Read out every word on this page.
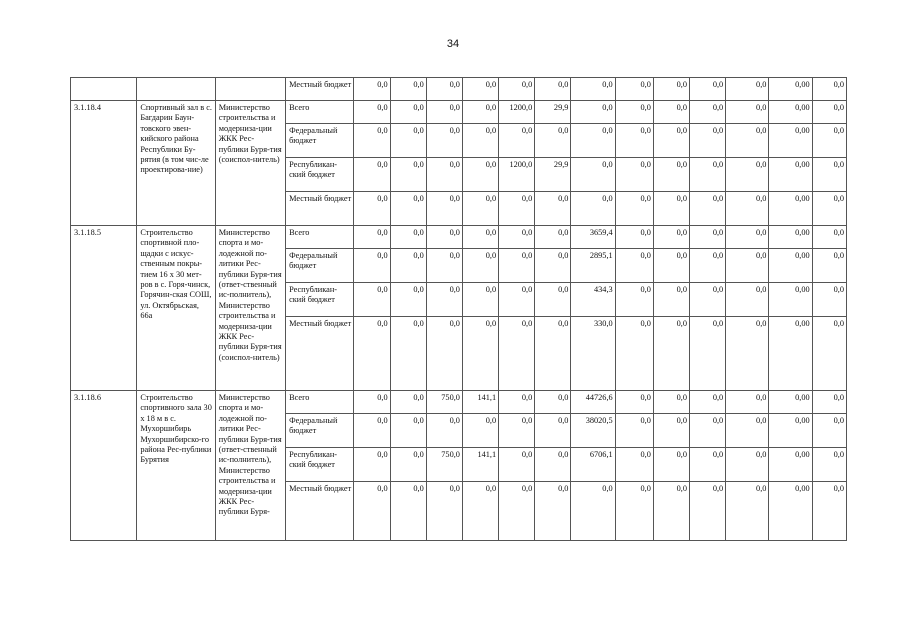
34
			Местный бюджет	0,0	0,0	0,0	0,0	0,0	0,0	0,0	0,0	0,0	0,0	0,0	0,00	0,0
3.1.18.4	Спортивный зал в с. Багдарин Баун-товского эвен-кийского района Республики Бу-рятия (в том чис-ле проектирова-ние)	Министерство строительства и модерниза-ции ЖКК Рес-публики Буря-тия (соиспол-нитель)	Всего	0,0	0,0	0,0	0,0	1200,0	29,9	0,0	0,0	0,0	0,0	0,0	0,00	0,0
			Федеральный бюджет	0,0	0,0	0,0	0,0	0,0	0,0	0,0	0,0	0,0	0,0	0,0	0,00	0,0
			Республикан-ский бюджет	0,0	0,0	0,0	0,0	1200,0	29,9	0,0	0,0	0,0	0,0	0,0	0,00	0,0
			Местный бюджет	0,0	0,0	0,0	0,0	0,0	0,0	0,0	0,0	0,0	0,0	0,0	0,00	0,0
3.1.18.5	Строительство спортивной пло-щадки с искус-ственным покры-тием 16 х 30 мет-ров в с. Горя-чинск, Горячин-ская СОШ, ул. Октябрьская, 66а	Министерство спорта и мо-лодежной по-литики Рес-публики Буря-тия (ответ-ственный ис-полнитель), Министерство строительства и модерниза-ции ЖКК Рес-публики Буря-тия (соиспол-нитель)	Всего	0,0	0,0	0,0	0,0	0,0	0,0	3659,4	0,0	0,0	0,0	0,0	0,00	0,0
			Федеральный бюджет	0,0	0,0	0,0	0,0	0,0	0,0	2895,1	0,0	0,0	0,0	0,0	0,00	0,0
			Республикан-ский бюджет	0,0	0,0	0,0	0,0	0,0	0,0	434,3	0,0	0,0	0,0	0,0	0,00	0,0
			Местный бюджет	0,0	0,0	0,0	0,0	0,0	0,0	330,0	0,0	0,0	0,0	0,0	0,00	0,0
3.1.18.6	Строительство спортивного зала 30 х 18 м в с. Мухоршибирь Мухоршибирско-го района Рес-публики Бурятия	Министерство спорта и мо-лодежной по-литики Рес-публики Буря-тия (ответ-ственный ис-полнитель), Министерство строительства и модерниза-ции ЖКК Рес-публики Буря-	Всего	0,0	0,0	750,0	141,1	0,0	0,0	44726,6	0,0	0,0	0,0	0,0	0,00	0,0
			Федеральный бюджет	0,0	0,0	0,0	0,0	0,0	0,0	38020,5	0,0	0,0	0,0	0,0	0,00	0,0
			Республикан-ский бюджет	0,0	0,0	750,0	141,1	0,0	0,0	6706,1	0,0	0,0	0,0	0,0	0,00	0,0
			Местный бюджет	0,0	0,0	0,0	0,0	0,0	0,0	0,0	0,0	0,0	0,0	0,0	0,00	0,0
